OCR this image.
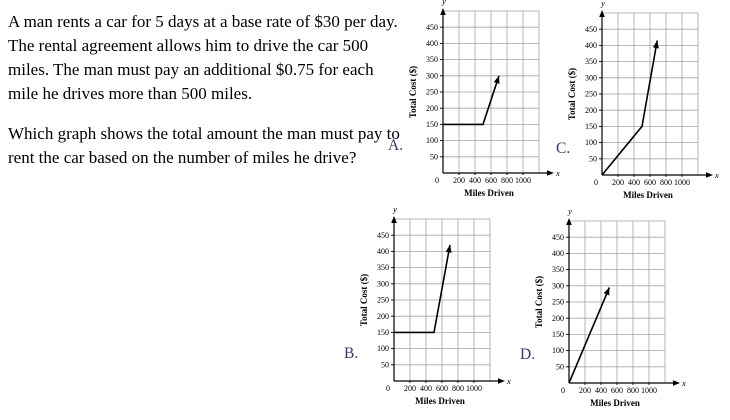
A man rents a car for 5 days at a base rate of $30 per day. The rental agreement allows him to drive the car 500 miles. The man must pay an additional $0.75 for each mile he drives more than 500 miles.

Which graph shows the total amount the man must pay to rent the car based on the number of miles he drive?

A.	C.
B.	D.
50
100
150
200
250
300
350
400
450
200 400 600 800 1000
0
y
x
Total Cost ($)
Miles Driven
50
100
150
200
250
300
350
400
450
200 400 600 800 1000
0
y
x
Total Cost ($)
Miles Driven
50
100
150
200
250
300
350
400
450
200 400 600 800 1000
0
y
x
Total Cost ($)
Miles Driven
50
100
150
200
250
300
350
400
450
200 400 600 800 1000
0
y
x
Total Cost ($)
Miles Driven
